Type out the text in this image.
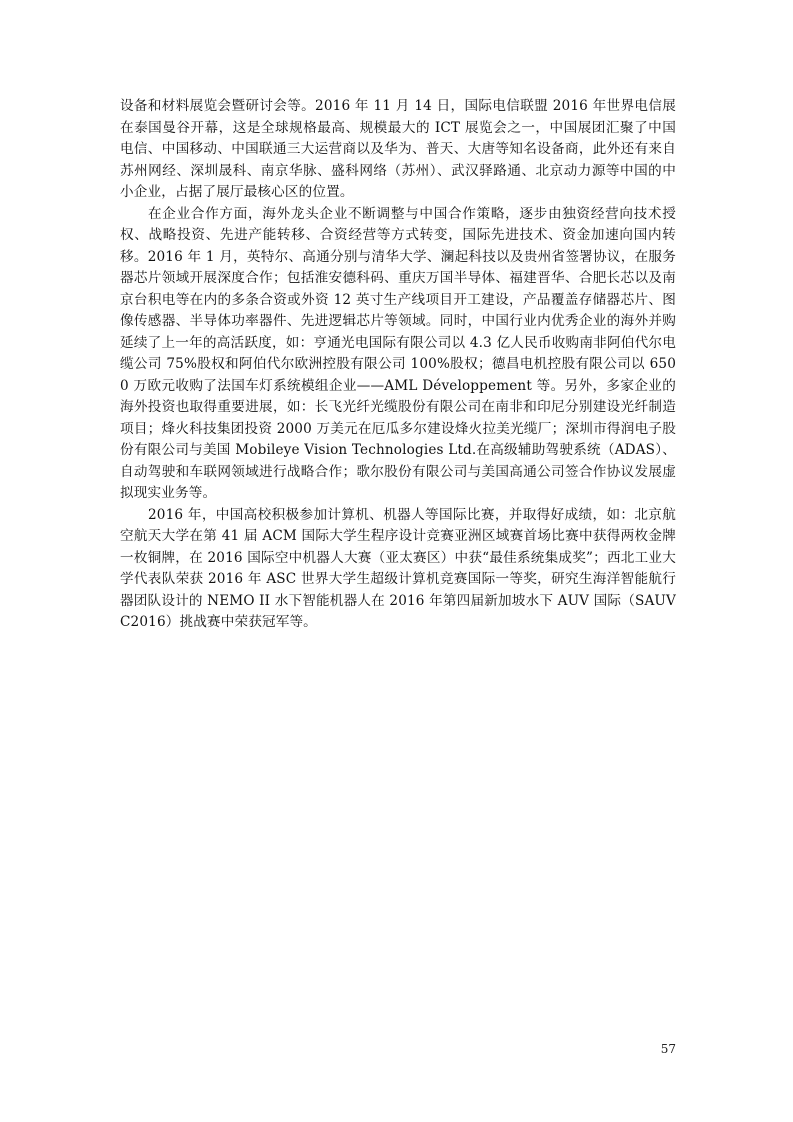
设备和材料展览会暨研讨会等。2016 年 11 月 14 日，国际电信联盟 2016 年世界电信展在泰国曼谷开幕，这是全球规格最高、规模最大的 ICT 展览会之一，中国展团汇聚了中国电信、中国移动、中国联通三大运营商以及华为、普天、大唐等知名设备商，此外还有来自苏州网经、深圳晟科、南京华脉、盛科网络（苏州）、武汉驿路通、北京动力源等中国的中小企业，占据了展厅最核心区的位置。

在企业合作方面，海外龙头企业不断调整与中国合作策略，逐步由独资经营向技术授权、战略投资、先进产能转移、合资经营等方式转变，国际先进技术、资金加速向国内转移。2016 年 1 月，英特尔、高通分别与清华大学、澜起科技以及贵州省签署协议，在服务器芯片领域开展深度合作；包括淮安德科码、重庆万国半导体、福建晋华、合肥长芯以及南京台积电等在内的多条合资或外资 12 英寸生产线项目开工建设，产品覆盖存储器芯片、图像传感器、半导体功率器件、先进逻辑芯片等领域。同时，中国行业内优秀企业的海外并购延续了上一年的高活跃度，如：亨通光电国际有限公司以 4.3 亿人民币收购南非阿伯代尔电缆公司 75%股权和阿伯代尔欧洲控股有限公司 100%股权；德昌电机控股有限公司以 6500 万欧元收购了法国车灯系统模组企业——AML Développement 等。另外，多家企业的海外投资也取得重要进展，如：长飞光纤光缆股份有限公司在南非和印尼分别建设光纤制造项目；烽火科技集团投资 2000 万美元在厄瓜多尔建设烽火拉美光缆厂；深圳市得润电子股份有限公司与美国 Mobileye Vision Technologies Ltd.在高级辅助驾驶系统（ADAS）、自动驾驶和车联网领域进行战略合作；歌尔股份有限公司与美国高通公司签合作协议发展虚拟现实业务等。

2016 年，中国高校积极参加计算机、机器人等国际比赛，并取得好成绩，如：北京航空航天大学在第 41 届 ACM 国际大学生程序设计竞赛亚洲区域赛首场比赛中获得两枚金牌一枚铜牌，在 2016 国际空中机器人大赛（亚太赛区）中获“最佳系统集成奖”；西北工业大学代表队荣获 2016 年 ASC 世界大学生超级计算机竞赛国际一等奖，研究生海洋智能航行器团队设计的 NEMO II 水下智能机器人在 2016 年第四届新加坡水下 AUV 国际（SAUVC2016）挑战赛中荣获冠军等。

57
